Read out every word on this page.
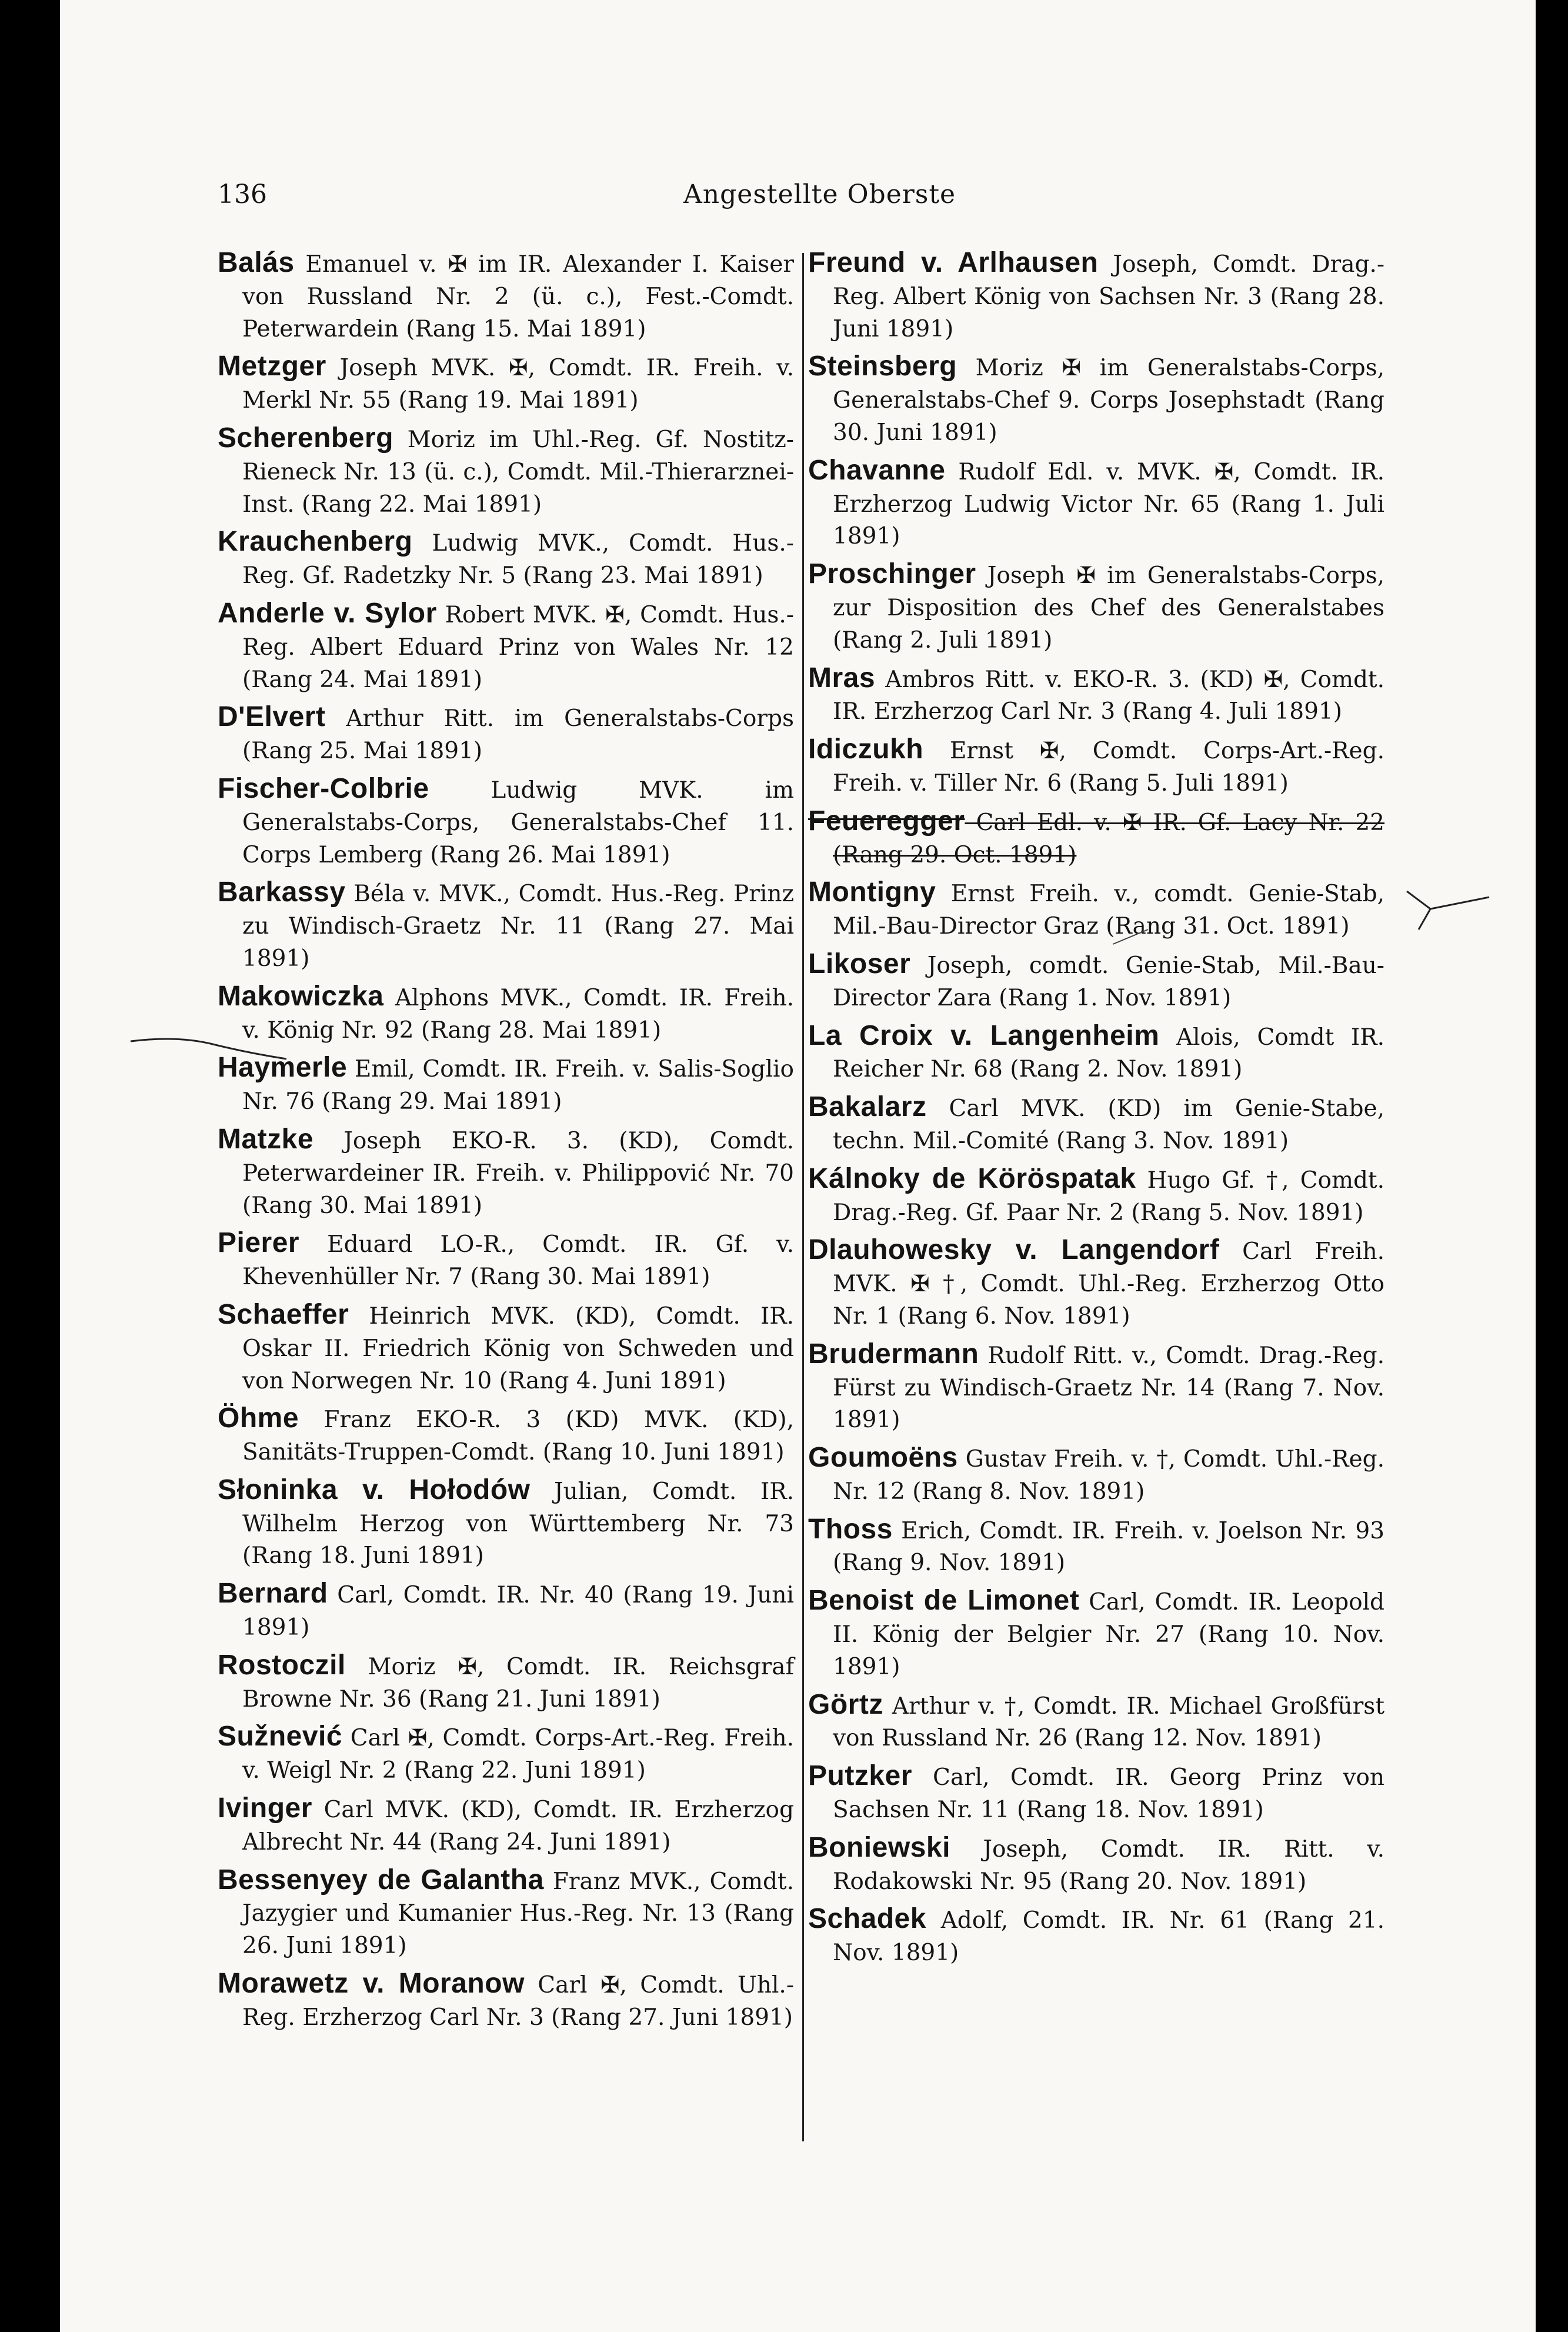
136	Angestellte Oberste

Balás Emanuel v. ✠ im IR. Alexander I. Kaiser von Russland Nr. 2 (ü. c.), Fest.-Comdt. Peterwardein (Rang 15. Mai 1891)

Metzger Joseph MVK. ✠, Comdt. IR. Freih. v. Merkl Nr. 55 (Rang 19. Mai 1891)

Scherenberg Moriz im Uhl.-Reg. Gf. Nostitz-Rieneck Nr. 13 (ü. c.), Comdt. Mil.-Thierarznei-Inst. (Rang 22. Mai 1891)

Krauchenberg Ludwig MVK., Comdt. Hus.-Reg. Gf. Radetzky Nr. 5 (Rang 23. Mai 1891)

Anderle v. Sylor Robert MVK. ✠, Comdt. Hus.-Reg. Albert Eduard Prinz von Wales Nr. 12 (Rang 24. Mai 1891)

D'Elvert Arthur Ritt. im Generalstabs-Corps (Rang 25. Mai 1891)

Fischer-Colbrie Ludwig MVK. im Generalstabs-Corps, Generalstabs-Chef 11. Corps Lemberg (Rang 26. Mai 1891)

Barkassy Béla v. MVK., Comdt. Hus.-Reg. Prinz zu Windisch-Graetz Nr. 11 (Rang 27. Mai 1891)

Makowiczka Alphons MVK., Comdt. IR. Freih. v. König Nr. 92 (Rang 28. Mai 1891)

Haymerle Emil, Comdt. IR. Freih. v. Salis-Soglio Nr. 76 (Rang 29. Mai 1891)

Matzke Joseph EKO-R. 3. (KD), Comdt. Peterwardeiner IR. Freih. v. Philippović Nr. 70 (Rang 30. Mai 1891)

Pierer Eduard LO-R., Comdt. IR. Gf. v. Khevenhüller Nr. 7 (Rang 30. Mai 1891)

Schaeffer Heinrich MVK. (KD), Comdt. IR. Oskar II. Friedrich König von Schweden und von Norwegen Nr. 10 (Rang 4. Juni 1891)

Öhme Franz EKO-R. 3 (KD) MVK. (KD), Sanitäts-Truppen-Comdt. (Rang 10. Juni 1891)

Słoninka v. Hołodów Julian, Comdt. IR. Wilhelm Herzog von Württemberg Nr. 73 (Rang 18. Juni 1891)

Bernard Carl, Comdt. IR. Nr. 40 (Rang 19. Juni 1891)

Rostoczil Moriz ✠, Comdt. IR. Reichsgraf Browne Nr. 36 (Rang 21. Juni 1891)

Sužnević Carl ✠, Comdt. Corps-Art.-Reg. Freih. v. Weigl Nr. 2 (Rang 22. Juni 1891)

Ivinger Carl MVK. (KD), Comdt. IR. Erzherzog Albrecht Nr. 44 (Rang 24. Juni 1891)

Bessenyey de Galantha Franz MVK., Comdt. Jazygier und Kumanier Hus.-Reg. Nr. 13 (Rang 26. Juni 1891)

Morawetz v. Moranow Carl ✠, Comdt. Uhl.-Reg. Erzherzog Carl Nr. 3 (Rang 27. Juni 1891)

Freund v. Arlhausen Joseph, Comdt. Drag.-Reg. Albert König von Sachsen Nr. 3 (Rang 28. Juni 1891)

Steinsberg Moriz ✠ im Generalstabs-Corps, Generalstabs-Chef 9. Corps Josephstadt (Rang 30. Juni 1891)

Chavanne Rudolf Edl. v. MVK. ✠, Comdt. IR. Erzherzog Ludwig Victor Nr. 65 (Rang 1. Juli 1891)

Proschinger Joseph ✠ im Generalstabs-Corps, zur Disposition des Chef des Generalstabes (Rang 2. Juli 1891)

Mras Ambros Ritt. v. EKO-R. 3. (KD) ✠, Comdt. IR. Erzherzog Carl Nr. 3 (Rang 4. Juli 1891)

Idiczukh Ernst ✠, Comdt. Corps-Art.-Reg. Freih. v. Tiller Nr. 6 (Rang 5. Juli 1891)

Feueregger Carl Edl. v. ✠ IR. Gf. Lacy Nr. 22 (Rang 29. Oct. 1891)

Montigny Ernst Freih. v., comdt. Genie-Stab, Mil.-Bau-Director Graz (Rang 31. Oct. 1891)

Likoser Joseph, comdt. Genie-Stab, Mil.-Bau-Director Zara (Rang 1. Nov. 1891)

La Croix v. Langenheim Alois, Comdt IR. Reicher Nr. 68 (Rang 2. Nov. 1891)

Bakalarz Carl MVK. (KD) im Genie-Stabe, techn. Mil.-Comité (Rang 3. Nov. 1891)

Kálnoky de Köröspatak Hugo Gf. †, Comdt. Drag.-Reg. Gf. Paar Nr. 2 (Rang 5. Nov. 1891)

Dlauhowesky v. Langendorf Carl Freih. MVK. ✠ †, Comdt. Uhl.-Reg. Erzherzog Otto Nr. 1 (Rang 6. Nov. 1891)

Brudermann Rudolf Ritt. v., Comdt. Drag.-Reg. Fürst zu Windisch-Graetz Nr. 14 (Rang 7. Nov. 1891)

Goumoëns Gustav Freih. v. †, Comdt. Uhl.-Reg. Nr. 12 (Rang 8. Nov. 1891)

Thoss Erich, Comdt. IR. Freih. v. Joelson Nr. 93 (Rang 9. Nov. 1891)

Benoist de Limonet Carl, Comdt. IR. Leopold II. König der Belgier Nr. 27 (Rang 10. Nov. 1891)

Görtz Arthur v. †, Comdt. IR. Michael Großfürst von Russland Nr. 26 (Rang 12. Nov. 1891)

Putzker Carl, Comdt. IR. Georg Prinz von Sachsen Nr. 11 (Rang 18. Nov. 1891)

Boniewski Joseph, Comdt. IR. Ritt. v. Rodakowski Nr. 95 (Rang 20. Nov. 1891)

Schadek Adolf, Comdt. IR. Nr. 61 (Rang 21. Nov. 1891)
